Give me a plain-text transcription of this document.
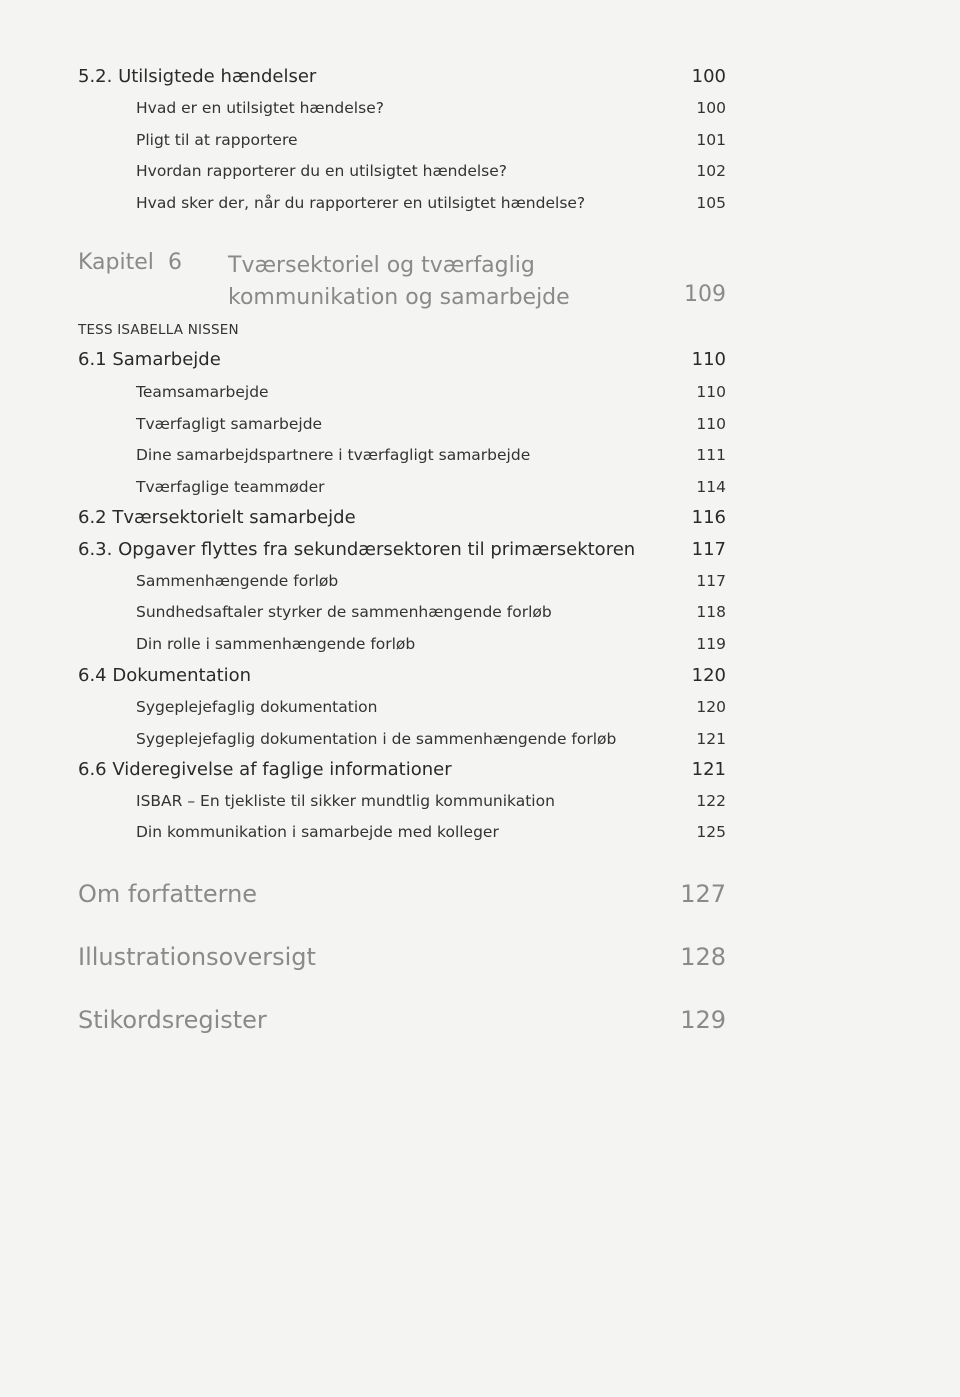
5.2. Utilsigtede hændelser	100
Hvad er en utilsigtet hændelse?	100
Pligt til at rapportere	101
Hvordan rapporterer du en utilsigtet hændelse?	102
Hvad sker der, når du rapporterer en utilsigtet hændelse?	105
Kapitel 6 Tværsektoriel og tværfaglig
kommunikation og samarbejde	109
TESS ISABELLA NISSEN
6.1 Samarbejde	110
Teamsamarbejde	110
Tværfagligt samarbejde	110
Dine samarbejdspartnere i tværfagligt samarbejde	111
Tværfaglige teammøder	114
6.2 Tværsektorielt samarbejde	116
6.3. Opgaver flyttes fra sekundærsektoren til primærsektoren	117
Sammenhængende forløb	117
Sundhedsaftaler styrker de sammenhængende forløb	118
Din rolle i sammenhængende forløb	119
6.4 Dokumentation	120
Sygeplejefaglig dokumentation	120
Sygeplejefaglig dokumentation i de sammenhængende forløb	121
6.6 Videregivelse af faglige informationer	121
ISBAR – En tjekliste til sikker mundtlig kommunikation	122
Din kommunikation i samarbejde med kolleger	125
Om forfatterne	127
Illustrationsoversigt	128
Stikordsregister	129
